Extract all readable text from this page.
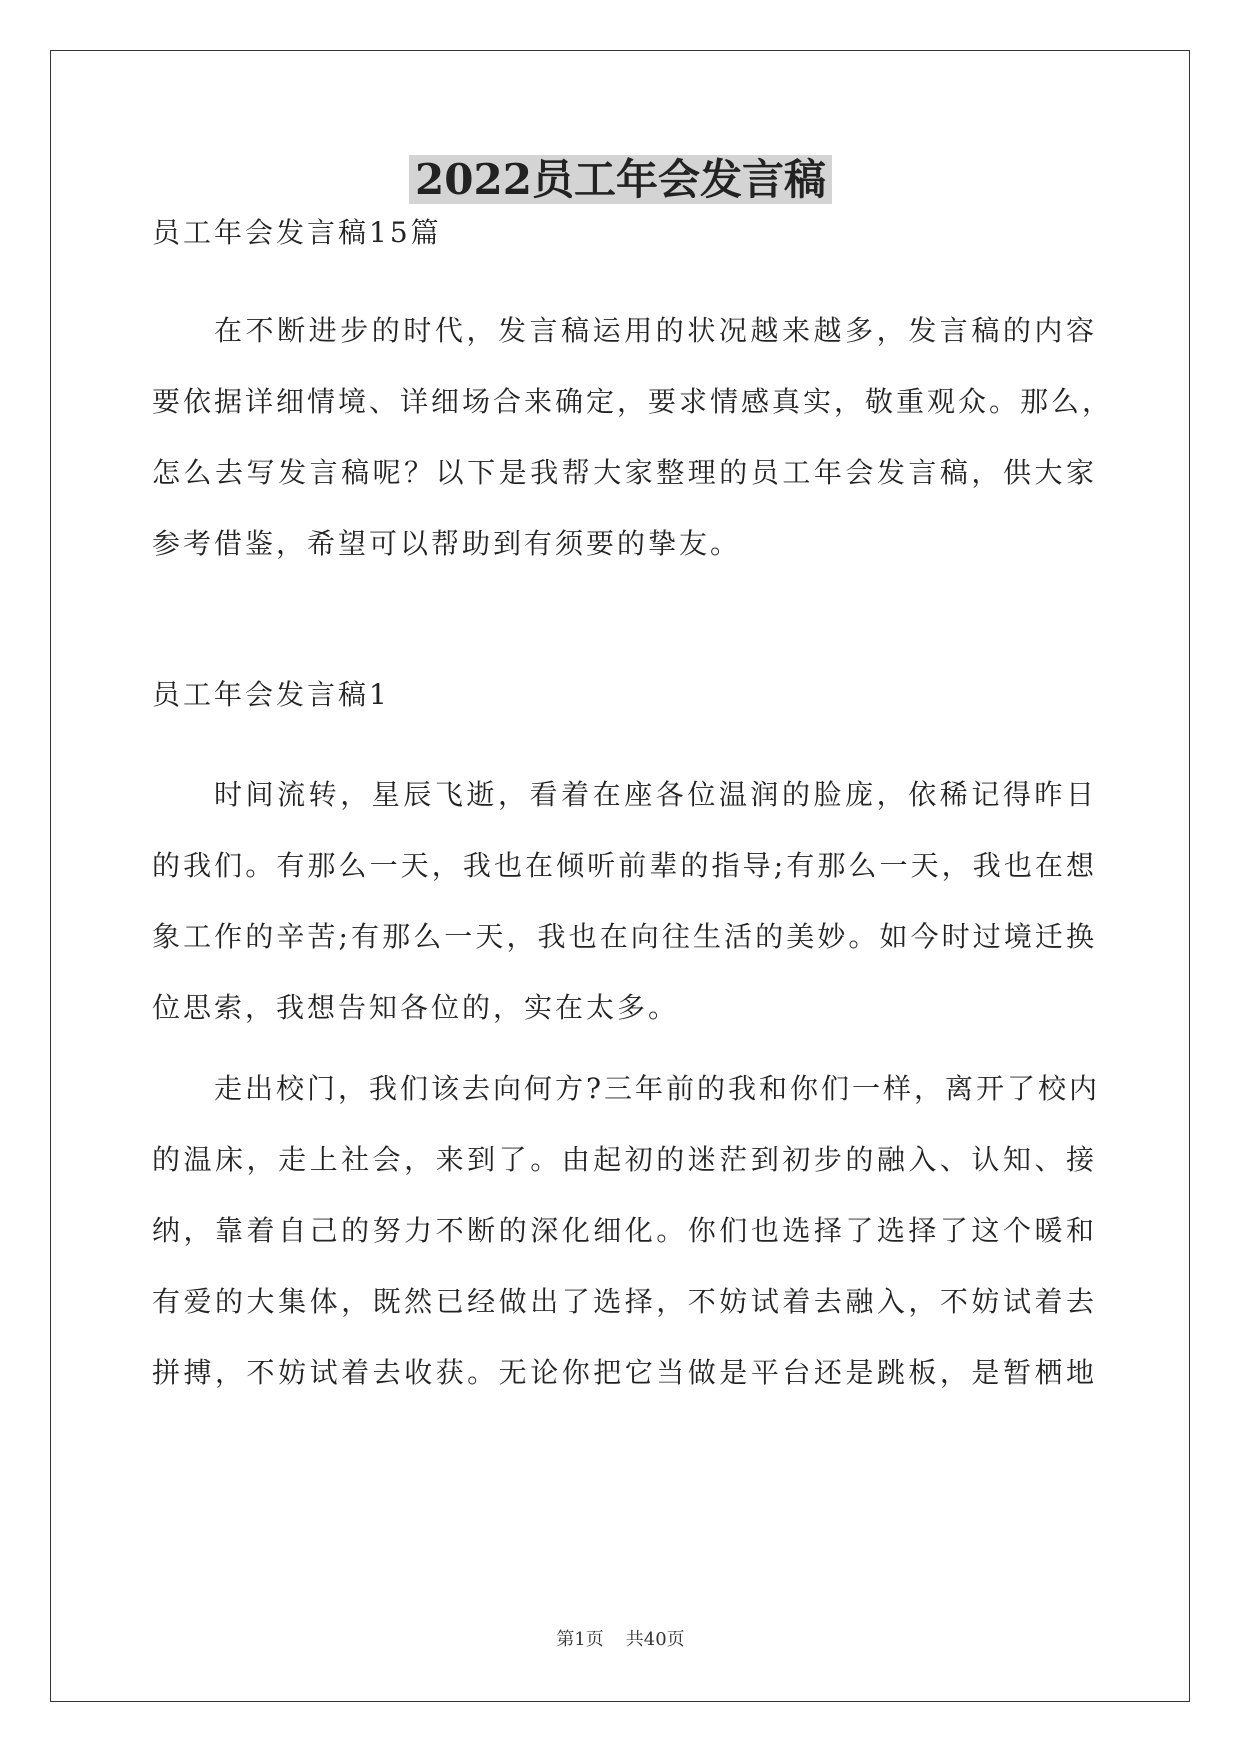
2022员工年会发言稿
员工年会发言稿15篇
在不断进步的时代，发言稿运用的状况越来越多，发言稿的内容
要依据详细情境、详细场合来确定，要求情感真实，敬重观众。那么，
怎么去写发言稿呢？以下是我帮大家整理的员工年会发言稿，供大家
参考借鉴，希望可以帮助到有须要的挚友。
员工年会发言稿1
时间流转，星辰飞逝，看着在座各位温润的脸庞，依稀记得昨日
的我们。有那么一天，我也在倾听前辈的指导;有那么一天，我也在想
象工作的辛苦;有那么一天，我也在向往生活的美妙。如今时过境迁换
位思索，我想告知各位的，实在太多。
走出校门，我们该去向何方?三年前的我和你们一样，离开了校内
的温床，走上社会，来到了。由起初的迷茫到初步的融入、认知、接
纳，靠着自己的努力不断的深化细化。你们也选择了选择了这个暖和
有爱的大集体，既然已经做出了选择，不妨试着去融入，不妨试着去
拼搏，不妨试着去收获。无论你把它当做是平台还是跳板，是暂栖地
第1页 共40页
